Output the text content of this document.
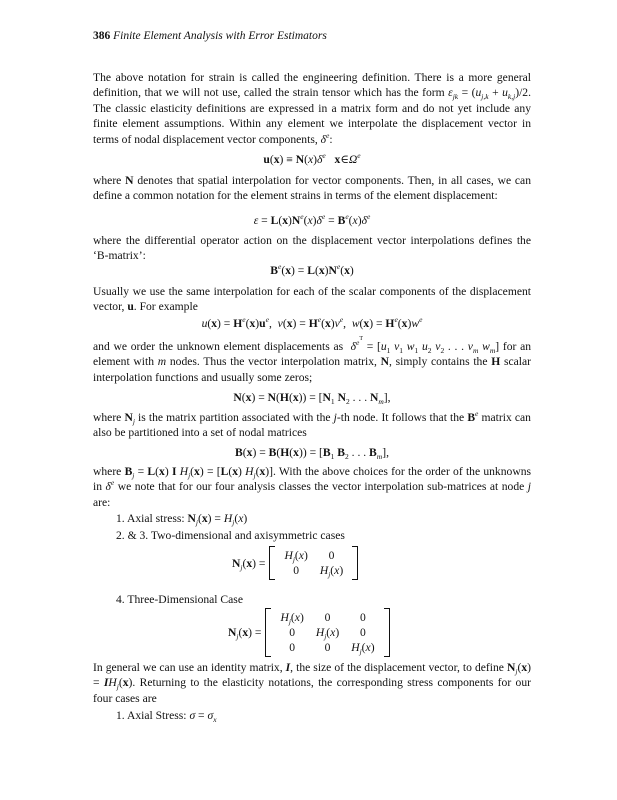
386 Finite Element Analysis with Error Estimators

The above notation for strain is called the engineering definition. There is a more general definition, that we will not use, called the strain tensor which has the form $\varepsilon_{jk} = (u_{j,k} + u_{k,j})/2$. The classic elasticity definitions are expressed in a matrix form and do not yet include any finite element assumptions. Within any element we interpolate the displacement vector in terms of nodal displacement vector components, $\delta^e$:

$u(x) \equiv N(x)\delta^e$ $x\in\Omega^e$

where N denotes that spatial interpolation for vector components. Then, in all cases, we can define a common notation for the element strains in terms of the element displacement:

$\varepsilon = L(x)N^e(x)\delta^e = B^e(x)\delta^e$

where the differential operator action on the displacement vector interpolations defines the ‘B-matrix’:

$B^e(x) = L(x)N^e(x)$

Usually we use the same interpolation for each of the scalar components of the displacement vector, u. For example

$u(x) = H^e(x)u^e$,  $v(x) = H^e(x)v^e$,  $w(x) = H^e(x)w^e$

and we order the unknown element displacements as  $\delta^{e^T} = [u_1$ $v_1$ $w_1$ $u_2$ $v_2$ . . . $v_m$ $w_m$] for an element with m nodes. Thus the vector interpolation matrix, N, simply contains the H scalar interpolation functions and usually some zeros;

$N(x) = N(H(x)) = [N_1$ $N_2$ . . . $N_m$],

where $N_j$ is the matrix partition associated with the j-th node. It follows that the $B^e$ matrix can also be partitioned into a set of nodal matrices

$B(x) = B(H(x)) = [B_1$ $B_2$ . . . $B_m$],

where $B_j = L(x)$ I $H_j(x) = [L(x)$ $H_j(x)$]. With the above choices for the order of the unknowns in $\delta^e$ we note that for our four analysis classes the vector interpolation sub-matrices at node j are:

1. Axial stress: $N_j(x) = H_j(x)$
2. & 3. Two-dimensional and axisymmetric cases
$N_j(x)$ =
$H_j(x)$	0
0	$H_j(x)$
4. Three-Dimensional Case
$N_j(x)$ =
$H_j(x)$	0	0
0	$H_j(x)$	0
0	0	$H_j(x)$

In general we can use an identity matrix, I, the size of the displacement vector, to define $N_j(x) = IH_j(x)$. Returning to the elasticity notations, the corresponding stress components for our four cases are

1. Axial Stress: $\sigma = \sigma_x$
